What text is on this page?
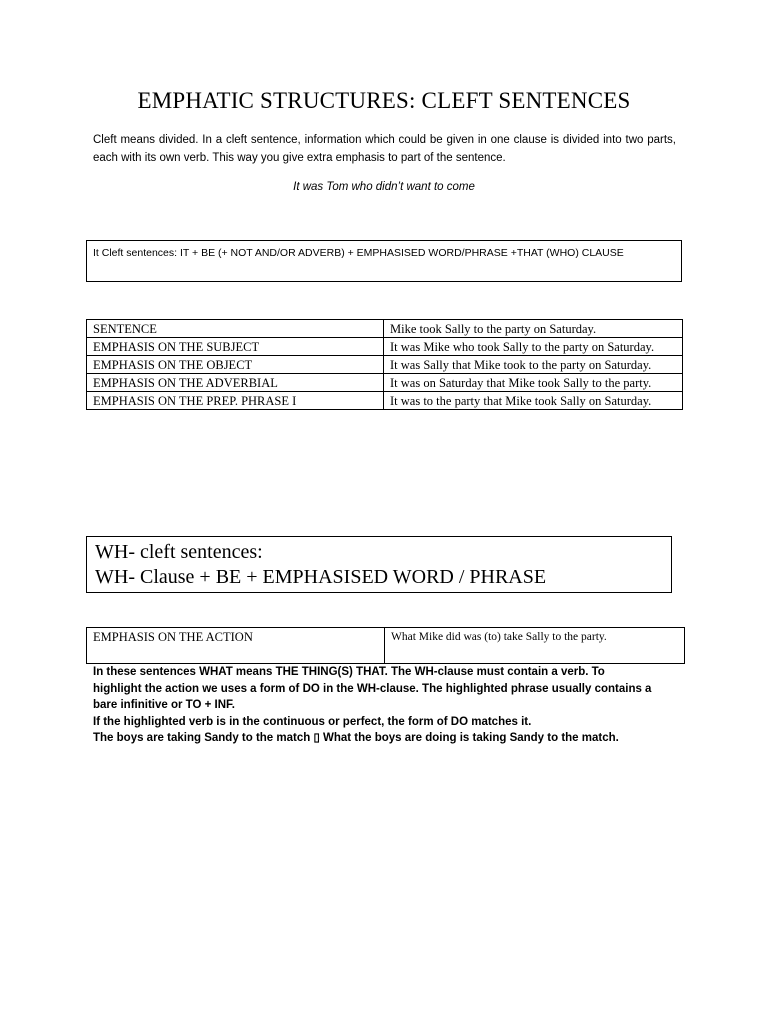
EMPHATIC STRUCTURES: CLEFT SENTENCES
Cleft means divided. In a cleft sentence, information which could be given in one clause is divided into two parts, each with its own verb. This way you give extra emphasis to part of the sentence.
It was Tom who didn’t want to come
It Cleft sentences: IT + BE (+ NOT AND/OR ADVERB) + EMPHASISED WORD/PHRASE +THAT (WHO) CLAUSE
SENTENCE	Mike took Sally to the party on Saturday.
EMPHASIS ON THE SUBJECT	It was Mike who took Sally to the party on Saturday.
EMPHASIS ON THE OBJECT	It was Sally that Mike took to the party on Saturday.
EMPHASIS ON THE ADVERBIAL	It was on Saturday that Mike took Sally to the party.
EMPHASIS ON THE PREP. PHRASE I	It was to the party that Mike took Sally on Saturday.
WH- cleft sentences:
WH- Clause + BE + EMPHASISED WORD / PHRASE
EMPHASIS ON THE ACTION	What Mike did was (to) take Sally to the party.

In these sentences WHAT means THE THING(S) THAT. The WH-clause must contain a verb. To highlight the action we uses a form of DO in the WH-clause. The highlighted phrase usually contains a bare infinitive or TO + INF.

If the highlighted verb is in the continuous or perfect, the form of DO matches it.

The boys are taking Sandy to the match ▯ What the boys are doing is taking Sandy to the match.
